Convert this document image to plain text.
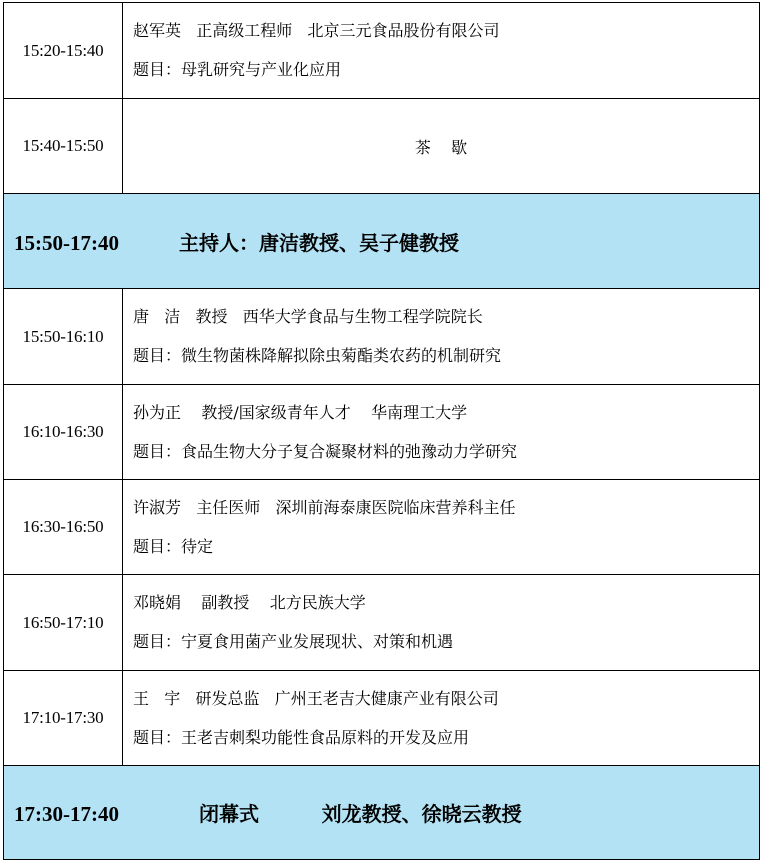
15:20-15:40	赵军英   正高级工程师   北京三元食品股份有限公司
题目：母乳研究与产业化应用

15:40-15:50	茶    歇
15:50-17:40 主持人：唐洁教授、吴子健教授	
15:50-16:10	唐   洁   教授   西华大学食品与生物工程学院院长
题目：微生物菌株降解拟除虫菊酯类农药的机制研究

16:10-16:30	孙为正    教授/国家级青年人才    华南理工大学
题目：食品生物大分子复合凝聚材料的弛豫动力学研究

16:30-16:50	许淑芳   主任医师   深圳前海泰康医院临床营养科主任
题目：待定

16:50-17:10	邓晓娟    副教授    北方民族大学
题目：宁夏食用菌产业发展现状、对策和机遇

17:10-17:30	王   宇   研发总监   广州王老吉大健康产业有限公司
题目：王老吉刺梨功能性食品原料的开发及应用

17:30-17:40 闭幕式         刘龙教授、徐晓云教授	
